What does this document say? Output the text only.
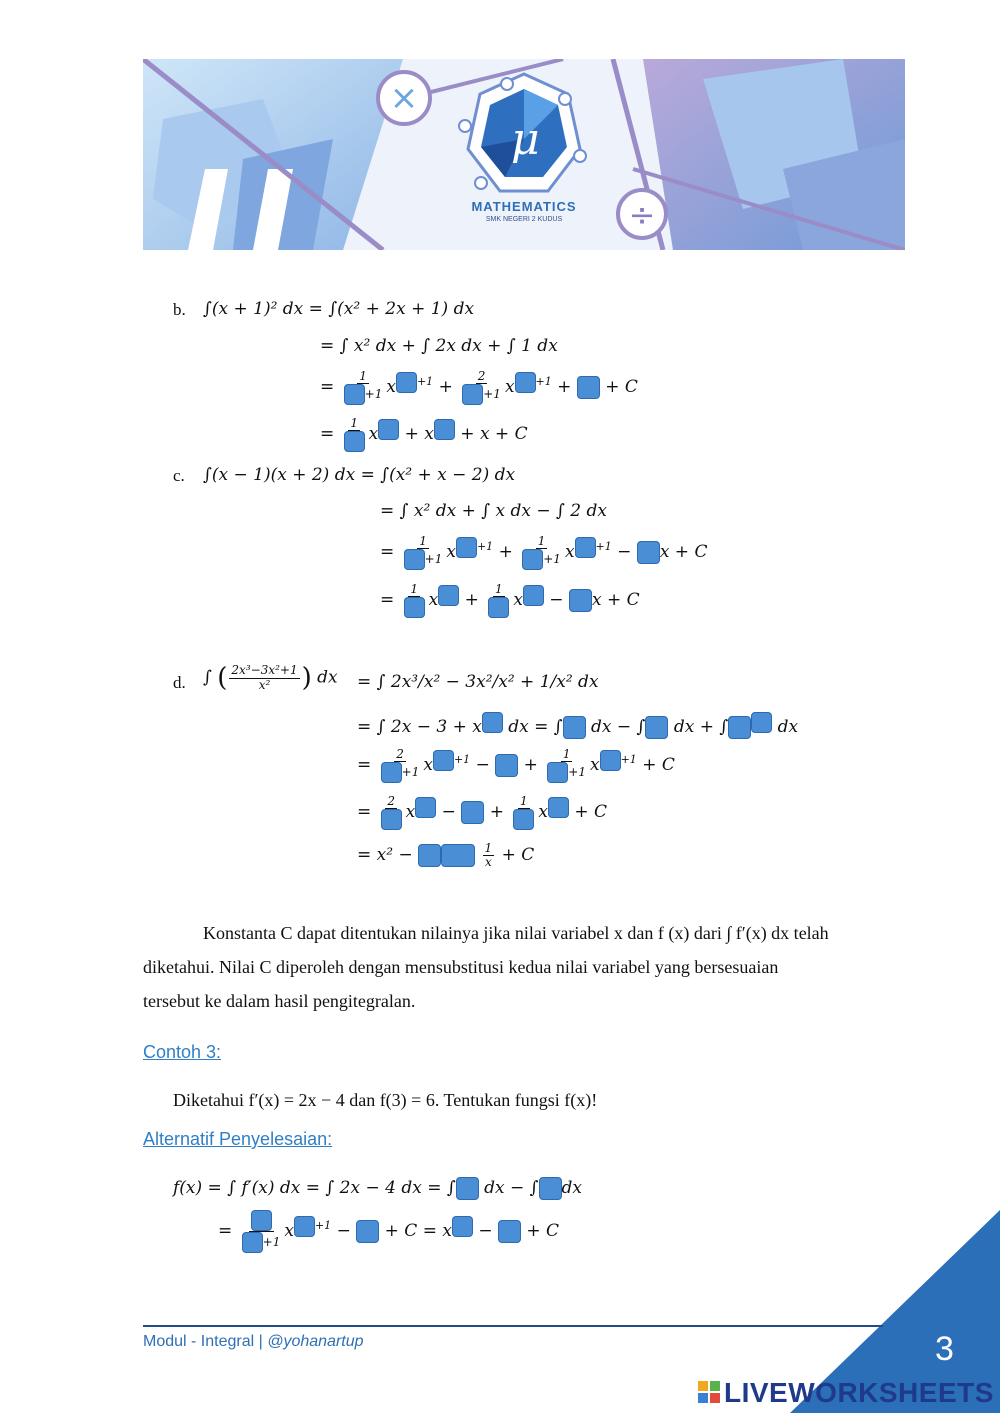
×
÷
μ
MATHEMATICS
SMK NEGERI 2 KUDUS
b. ∫(x + 1)² dx = ∫(x² + 2x + 1) dx
= ∫ x² dx + ∫ 2x dx + ∫ 1 dx
= $\frac{1}{+1}$ x $^{+1} + \frac{2}{+1}$ x $^{+1}$ +  + C
=
1
x + x + x + C
c. ∫(x − 1)(x + 2) dx = ∫(x² + x − 2) dx
= ∫ x² dx + ∫ x dx − ∫ 2 dx
= $\frac{1}{+1}$ x $^{+1} + \frac{1}{+1}$ x $^{+1}$ − x + C
=
1
x +
1
x − x + C
d. ∫ ( $\frac{\text{2x³−3x²+1}}{\text{x²}}$ ) dx = ∫ 2x³/x² − 3x²/x² + 1/x² dx
= ∫ 2x − 3 + x dx = ∫ dx − ∫ dx + ∫	dx
= $\frac{2}{+1}$ x $^{+1}$ −  + $\frac{1}{+1}$ x $^{+1}$ + C
=
2
x −  +
1
x + C
= x² −	$\frac{1}{x} + C$
Konstanta C dapat ditentukan nilainya jika nilai variabel x dan f (x) dari ∫ f′(x) dx telah
diketahui. Nilai C diperoleh dengan mensubstitusi kedua nilai variabel yang bersesuaian
tersebut ke dalam hasil pengitegralan.
Contoh 3:
Diketahui f′(x) = 2x − 4 dan f(3) = 6. Tentukan fungsi f(x)!
Alternatif Penyelesaian:
f(x) = ∫ f′(x) dx = ∫ 2x − 4 dx = ∫ dx − ∫ dx
=
+1
x $^{+1}$ −  + C = x −  + C
3
Modul - Integral | @yohanartup
LIVEWORKSHEETS
